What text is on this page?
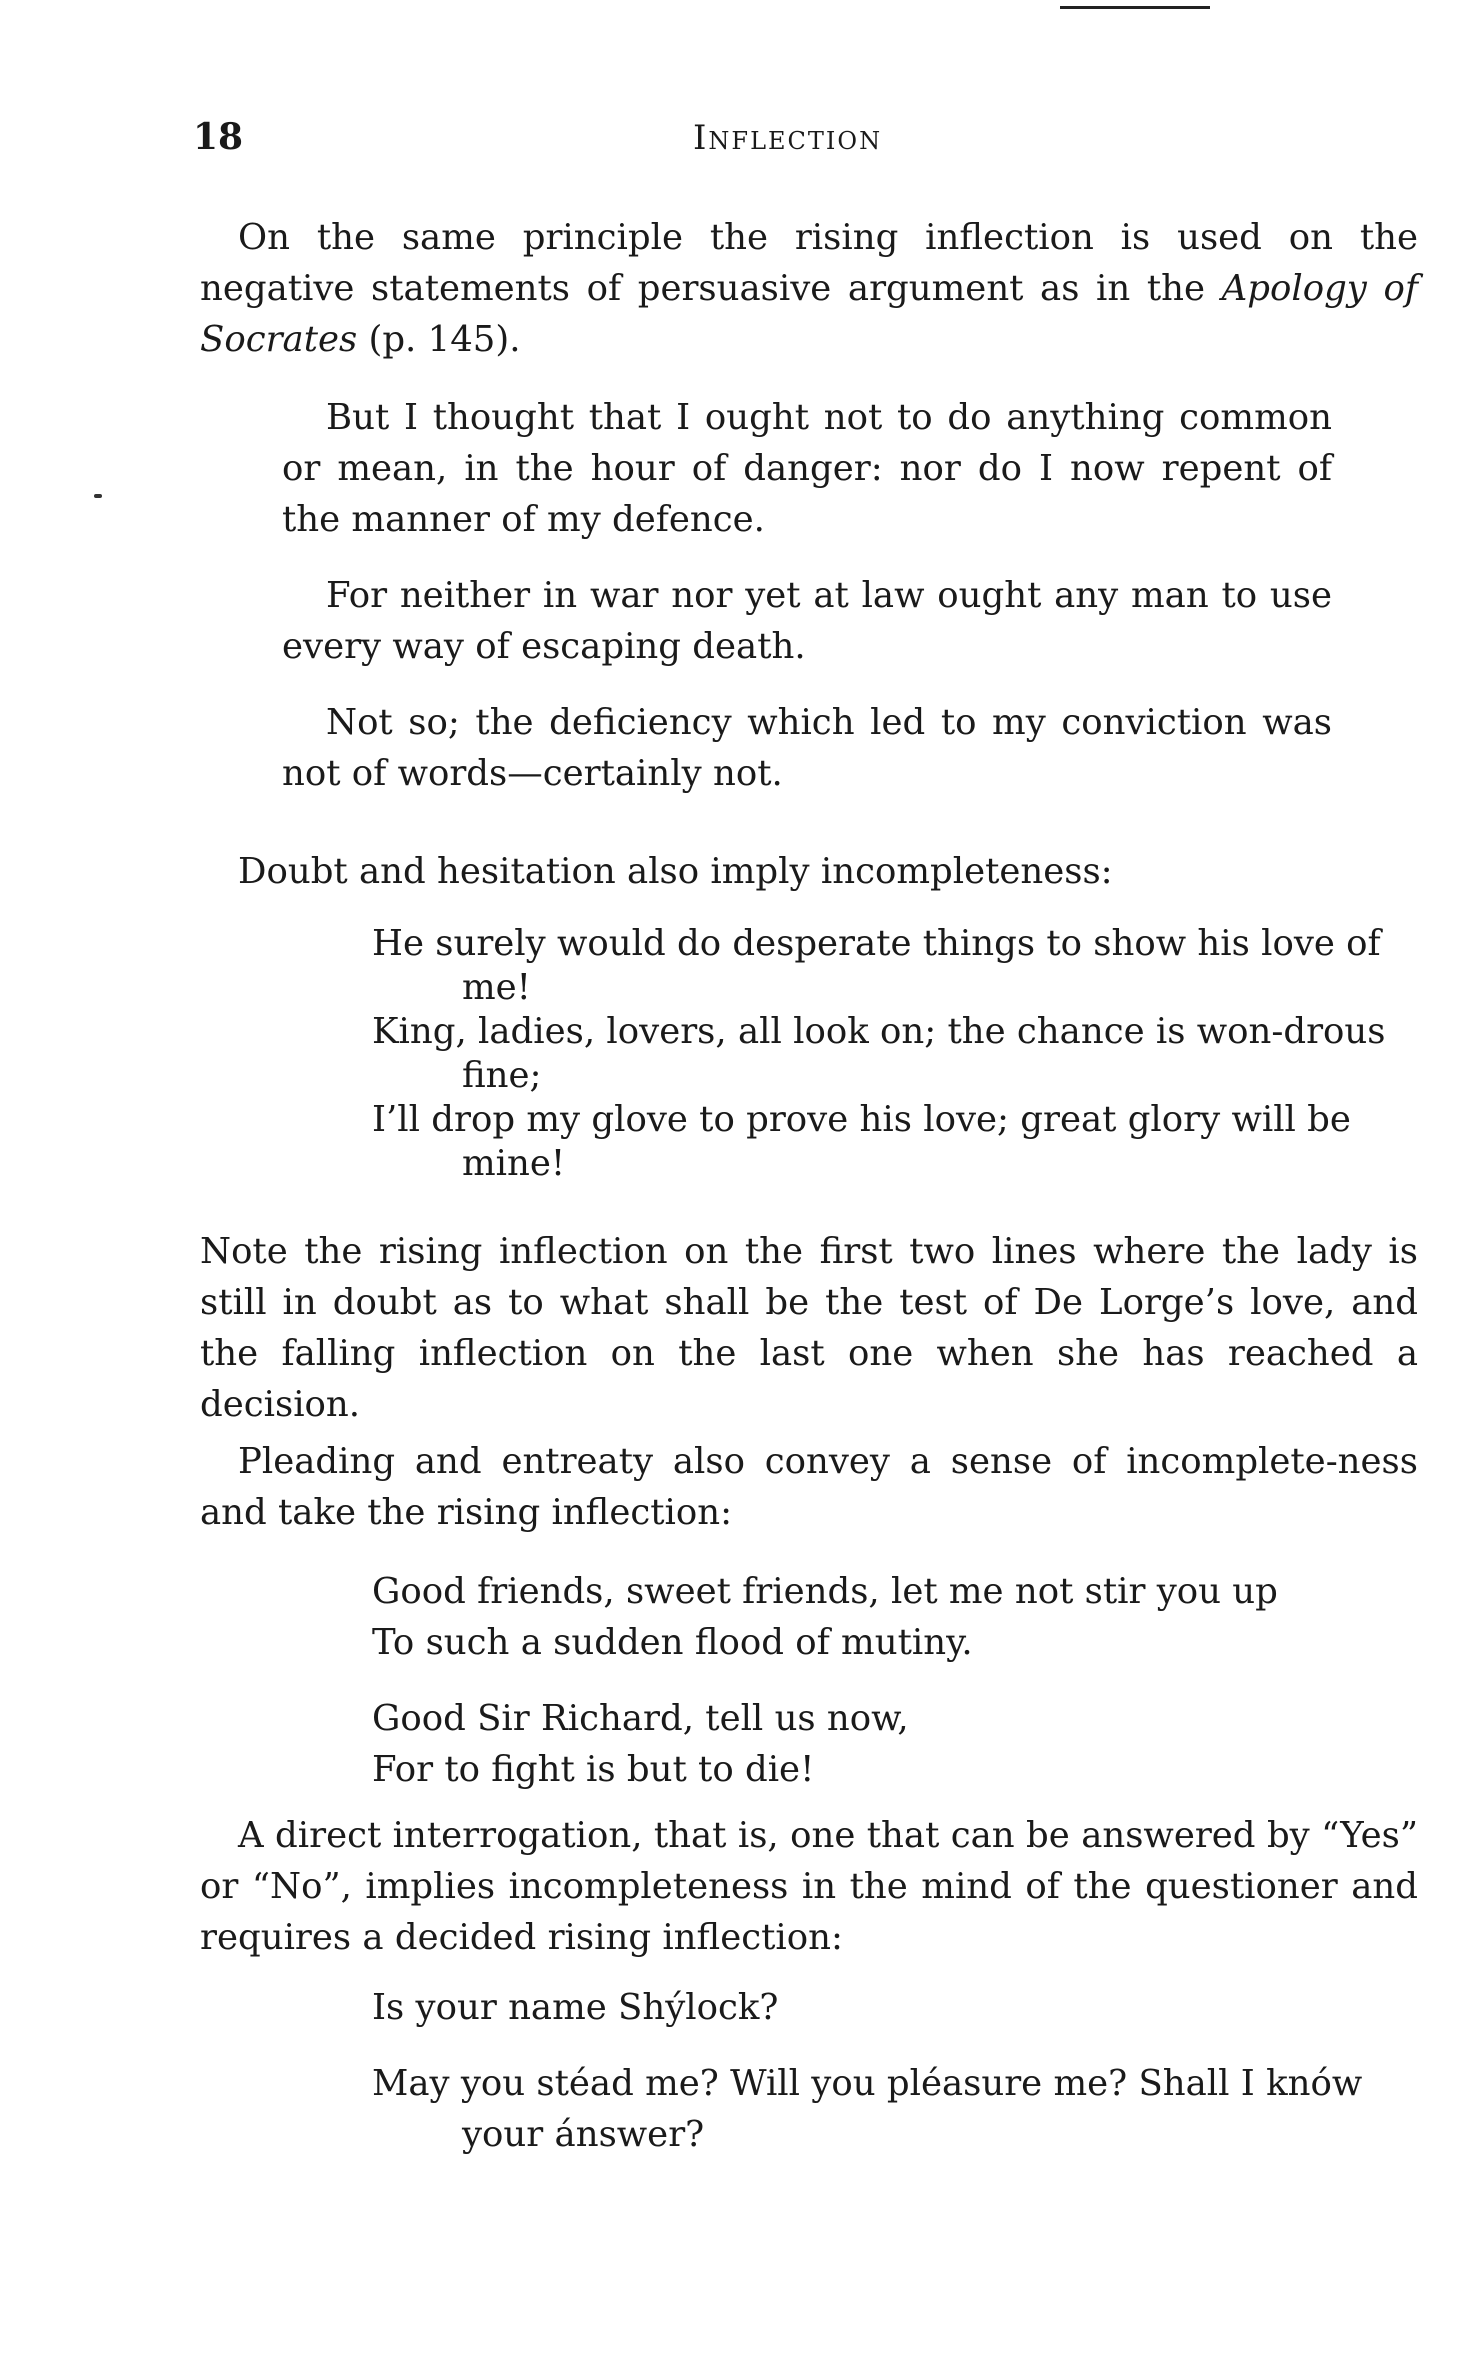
18	Inflection

On the same principle the rising inflection is used on the negative statements of persuasive argument as in the Apology of Socrates (p. 145).

But I thought that I ought not to do anything common or mean, in the hour of danger: nor do I now repent of the manner of my defence.

For neither in war nor yet at law ought any man to use every way of escaping death.

Not so; the deficiency which led to my conviction was not of words—certainly not.

Doubt and hesitation also imply incompleteness:

He surely would do desperate things to show his love of me!

King, ladies, lovers, all look on; the chance is won-drous fine;

I’ll drop my glove to prove his love; great glory will be mine!

Note the rising inflection on the first two lines where the lady is still in doubt as to what shall be the test of De Lorge’s love, and the falling inflection on the last one when she has reached a decision.

Pleading and entreaty also convey a sense of incomplete-ness and take the rising inflection:

Good friends, sweet friends, let me not stir you up

To such a sudden flood of mutiny.

Good Sir Richard, tell us now,

For to fight is but to die!

A direct interrogation, that is, one that can be answered by “Yes” or “No”, implies incompleteness in the mind of the questioner and requires a decided rising inflection:

Is your name Shýlock?

May you stéad me? Will you pléasure me? Shall I knów your ánswer?
